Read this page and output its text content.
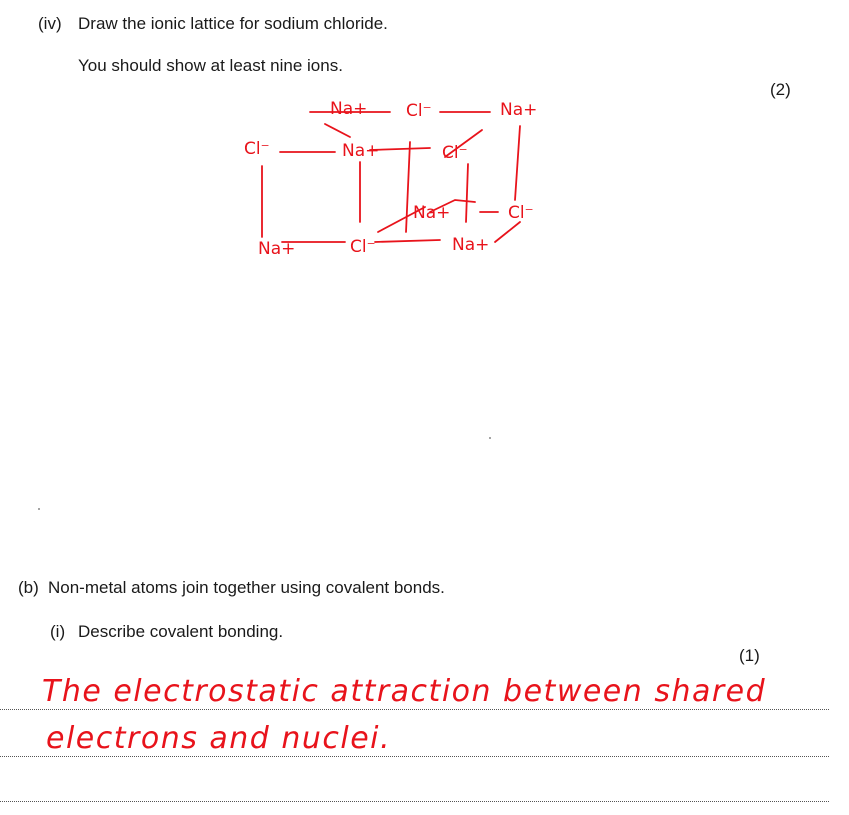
(iv) Draw the ionic lattice for sodium chloride.
You should show at least nine ions.
(2)
Na+ Cl⁻	Na+
Cl⁻	Na+	Cl⁻
Na+	Cl⁻
Na+	Cl⁻	Na+
(b) Non-metal atoms join together using covalent bonds.
(i) Describe covalent bonding.
(1)
The electrostatic attraction between shared
electrons and nuclei.
